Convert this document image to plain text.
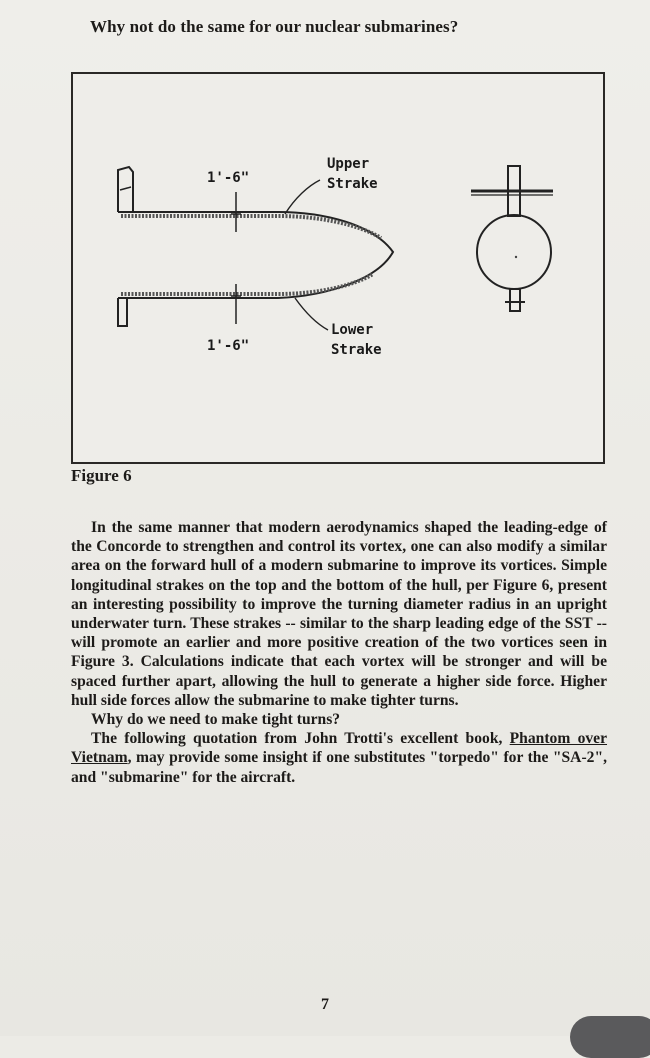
Why not do the same for our nuclear submarines?
1'-6"
1'-6"
Upper
Strake
Lower
Strake
Figure 6

In the same manner that modern aerodynamics shaped the leading-edge of the Concorde to strengthen and control its vortex, one can also modify a similar area on the forward hull of a modern submarine to improve its vortices. Simple longitudinal strakes on the top and the bottom of the hull, per Figure 6, present an interesting possibility to improve the turning diameter radius in an upright underwater turn. These strakes -- similar to the sharp leading edge of the SST -- will promote an earlier and more positive creation of the two vortices seen in Figure 3. Calculations indicate that each vortex will be stronger and will be spaced further apart, allowing the hull to generate a higher side force. Higher hull side forces allow the submarine to make tighter turns.

Why do we need to make tight turns?

The following quotation from John Trotti's excellent book, Phantom over Vietnam, may provide some insight if one substitutes "torpedo" for the "SA-2", and "submarine" for the aircraft.

7
